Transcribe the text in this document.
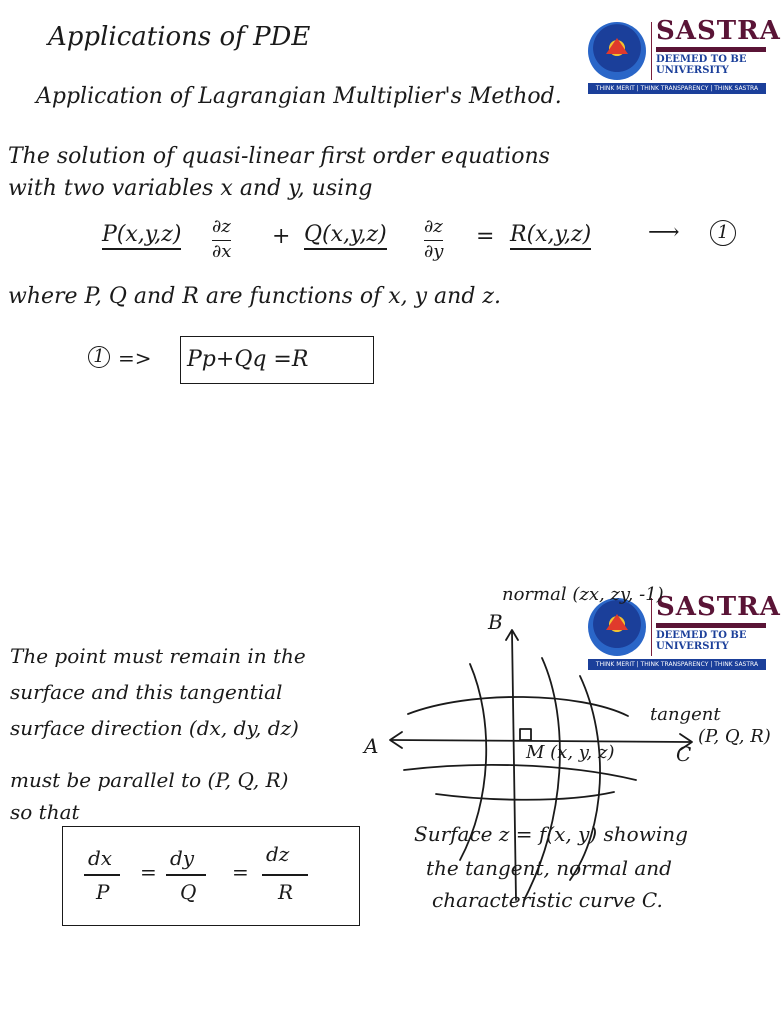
Applications of PDE
Application of Lagrangian Multiplier's Method.
SASTRA
DEEMED TO BE UNIVERSITY
THINK MERIT | THINK TRANSPARENCY | THINK SASTRA
The solution of quasi-linear first order equations
with two variables x and y, using
P(x,y,z) ∂z
∂x
+ Q(x,y,z) ∂z
∂y
= R(x,y,z)	⟶	1
where P, Q and R are functions of x, y and z.
1 =>	Pp+Qq =R
SASTRA
DEEMED TO BE UNIVERSITY
THINK MERIT | THINK TRANSPARENCY | THINK SASTRA
The point must remain in the
surface and this tangential
surface direction (dx, dy, dz)
must be parallel to (P, Q, R)
so that
dx
P
=
dy
Q
=
dz
R
normal (zx, zy, -1)
B
A	C
M (x, y, z)
tangent
(P, Q, R)
Surface z = f(x, y) showing
the tangent, normal and
characteristic curve C.
